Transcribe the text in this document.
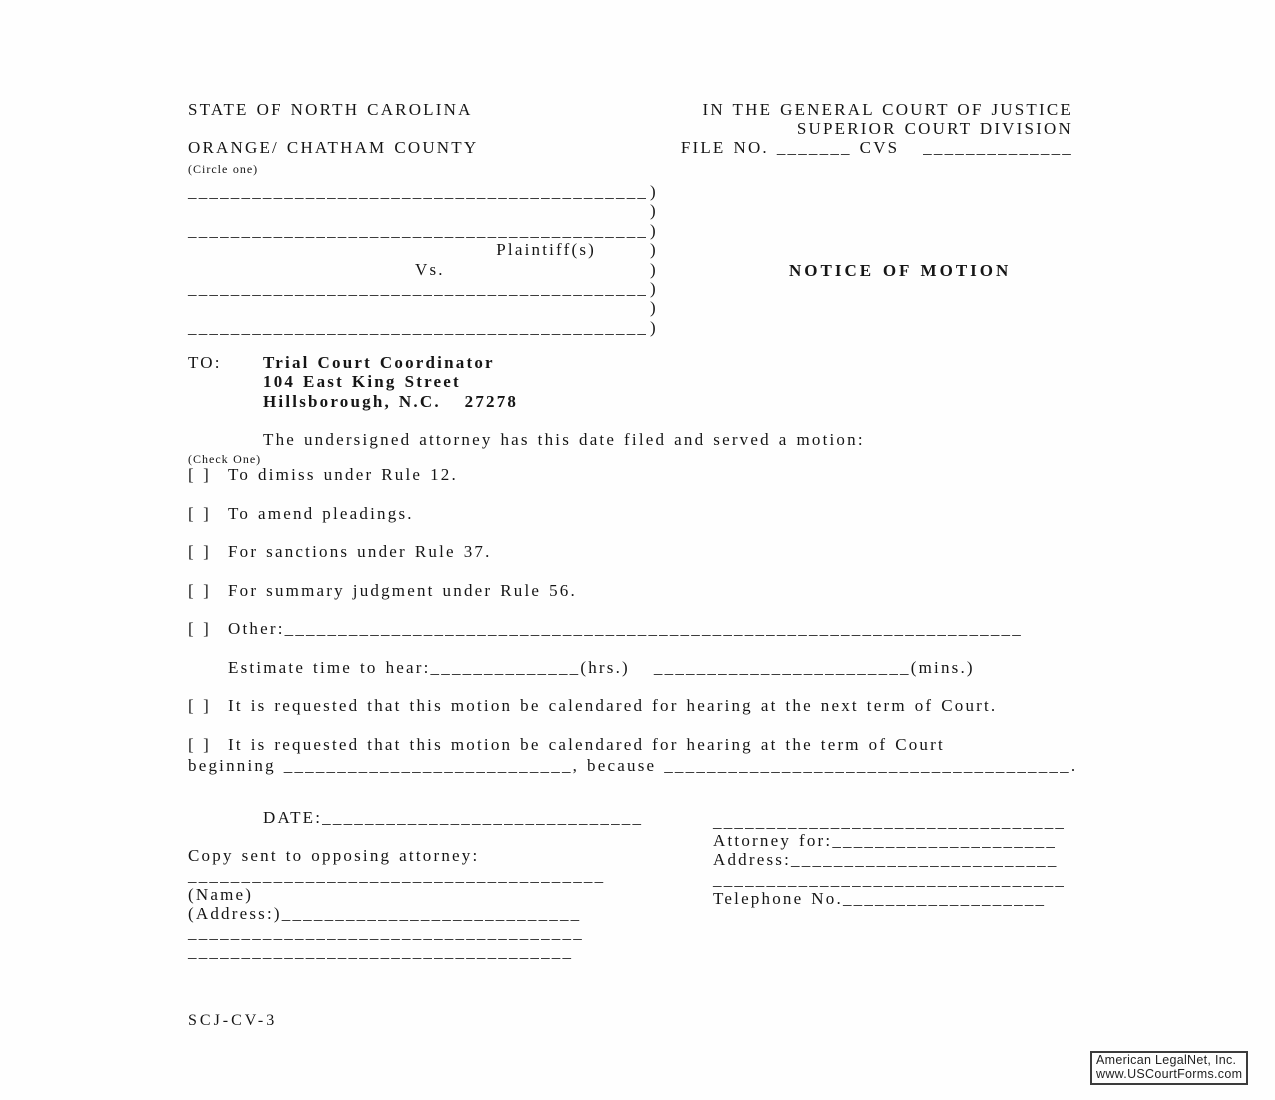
STATE OF NORTH CAROLINA
ORANGE/ CHATHAM COUNTY
(Circle one)
IN THE GENERAL COURT OF JUSTICE
SUPERIOR COURT DIVISION
FILE NO. _______ CVS   ______________
___________________________________________ )
)
___________________________________________ )
Plaintiff(s)	)
Vs.	)
___________________________________________ )
)
___________________________________________ )
NOTICE OF MOTION
TO:	Trial Court Coordinator
104 East King Street
Hillsborough, N.C.   27278
The undersigned attorney has this date filed and served a motion:
(Check One)
[ ] To dimiss under Rule 12.
[ ] To amend pleadings.
[ ] For sanctions under Rule 37.
[ ] For summary judgment under Rule 56.
[ ] Other:_____________________________________________________________________
Estimate time to hear:______________(hrs.) ________________________(mins.)
[ ] It is requested that this motion be calendared for hearing at the next term of Court.
[ ] It is requested that this motion be calendared for hearing at the term of Court
beginning ___________________________, because ______________________________________.
DATE:______________________________
Copy sent to opposing attorney:
_______________________________________
(Name)
(Address:)____________________________
_____________________________________
____________________________________
_________________________________
Attorney for:_____________________
Address:_________________________
_________________________________
Telephone No.___________________
SCJ-CV-3
American LegalNet, Inc.
www.USCourtForms.com
